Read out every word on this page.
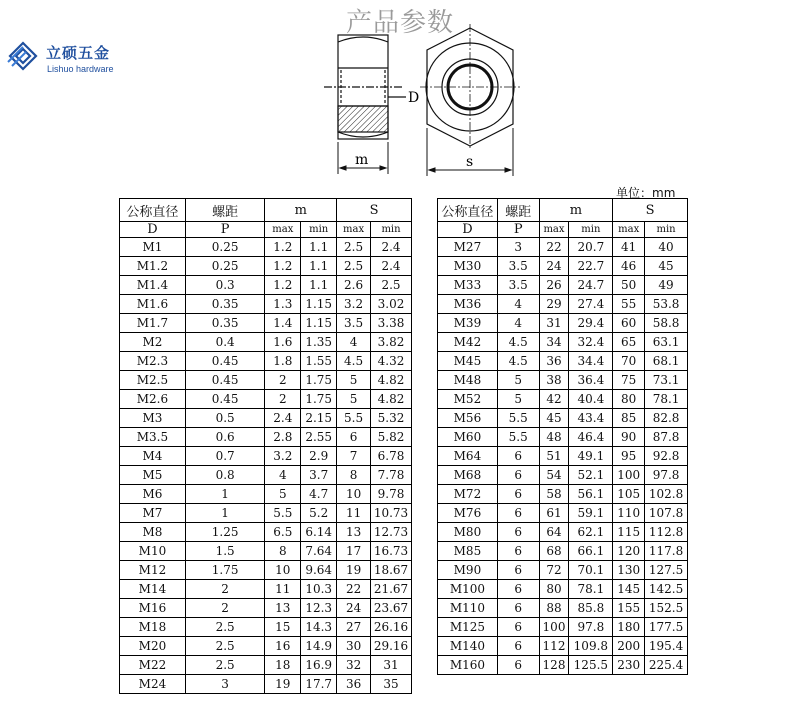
产品参数
立硕五金
Lishuo hardware
D
m	s
单位：mm
公称直径	螺距	m		S	
D	P	max	min	max	min
M1	0.25	1.2	1.1	2.5	2.4
M1.2	0.25	1.2	1.1	2.5	2.4
M1.4	0.3	1.2	1.1	2.6	2.5
M1.6	0.35	1.3	1.15	3.2	3.02
M1.7	0.35	1.4	1.15	3.5	3.38
M2	0.4	1.6	1.35	4	3.82
M2.3	0.45	1.8	1.55	4.5	4.32
M2.5	0.45	2	1.75	5	4.82
M2.6	0.45	2	1.75	5	4.82
M3	0.5	2.4	2.15	5.5	5.32
M3.5	0.6	2.8	2.55	6	5.82
M4	0.7	3.2	2.9	7	6.78
M5	0.8	4	3.7	8	7.78
M6	1	5	4.7	10	9.78
M7	1	5.5	5.2	11	10.73
M8	1.25	6.5	6.14	13	12.73
M10	1.5	8	7.64	17	16.73
M12	1.75	10	9.64	19	18.67
M14	2	11	10.3	22	21.67
M16	2	13	12.3	24	23.67
M18	2.5	15	14.3	27	26.16
M20	2.5	16	14.9	30	29.16
M22	2.5	18	16.9	32	31
M24	3	19	17.7	36	35
公称直径	螺距	m		S	
D	P	max	min	max	min
M27	3	22	20.7	41	40
M30	3.5	24	22.7	46	45
M33	3.5	26	24.7	50	49
M36	4	29	27.4	55	53.8
M39	4	31	29.4	60	58.8
M42	4.5	34	32.4	65	63.1
M45	4.5	36	34.4	70	68.1
M48	5	38	36.4	75	73.1
M52	5	42	40.4	80	78.1
M56	5.5	45	43.4	85	82.8
M60	5.5	48	46.4	90	87.8
M64	6	51	49.1	95	92.8
M68	6	54	52.1	100	97.8
M72	6	58	56.1	105	102.8
M76	6	61	59.1	110	107.8
M80	6	64	62.1	115	112.8
M85	6	68	66.1	120	117.8
M90	6	72	70.1	130	127.5
M100	6	80	78.1	145	142.5
M110	6	88	85.8	155	152.5
M125	6	100	97.8	180	177.5
M140	6	112	109.8	200	195.4
M160	6	128	125.5	230	225.4
